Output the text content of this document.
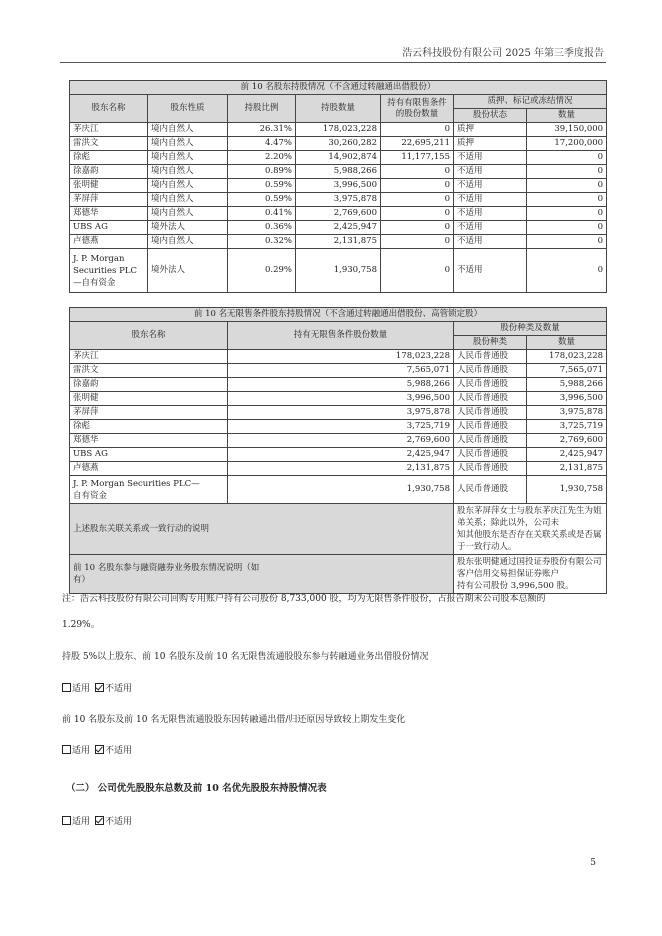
浩云科技股份有限公司 2025 年第三季度报告
前 10 名股东持股情况（不含通过转融通出借股份）						
股东名称	股东性质	持股比例	持股数量	持有有限售条件的股份数量	质押、标记或冻结情况	
					股份状态	数量
茅庆江	境内自然人	26.31%	178,023,228	0	质押	39,150,000
雷洪文	境内自然人	4.47%	30,260,282	22,695,211	质押	17,200,000
徐彪	境内自然人	2.20%	14,902,874	11,177,155	不适用	0
徐嘉韵	境内自然人	0.89%	5,988,266	0	不适用	0
张明健	境内自然人	0.59%	3,996,500	0	不适用	0
茅屏萍	境内自然人	0.59%	3,975,878	0	不适用	0
郑德华	境内自然人	0.41%	2,769,600	0	不适用	0
UBS AG	境外法人	0.36%	2,425,947	0	不适用	0
卢德燕	境内自然人	0.32%	2,131,875	0	不适用	0
J. P. Morgan
Securities PLC
—自有资金	境外法人	0.29%	1,930,758	0	不适用	0
前 10 名无限售条件股东持股情况（不含通过转融通出借股份、高管锁定股）			
股东名称	持有无限售条件股份数量	股份种类及数量	
		股份种类	数量
茅庆江	178,023,228	人民币普通股	178,023,228
雷洪文	7,565,071	人民币普通股	7,565,071
徐嘉韵	5,988,266	人民币普通股	5,988,266
张明健	3,996,500	人民币普通股	3,996,500
茅屏萍	3,975,878	人民币普通股	3,975,878
徐彪	3,725,719	人民币普通股	3,725,719
郑德华	2,769,600	人民币普通股	2,769,600
UBS AG	2,425,947	人民币普通股	2,425,947
卢德燕	2,131,875	人民币普通股	2,131,875
J. P. Morgan Securities PLC—
自有资金	1,930,758	人民币普通股	1,930,758
上述股东关联关系或一致行动的说明		股东茅屏萍女士与股东茅庆江先生为姐弟关系；除此以外，公司未
知其他股东是否存在关联关系或是否属于一致行动人。	
前 10 名股东参与融资融券业务股东情况说明（如
有）		股东张明健通过国投证券股份有限公司客户信用交易担保证券账户
持有公司股份 3,996,500 股。	
注：浩云科技股份有限公司回购专用账户持有公司股份 8,733,000 股，均为无限售条件股份，占报告期末公司股本总额的
1.29%。
持股 5%以上股东、前 10 名股东及前 10 名无限售流通股股东参与转融通业务出借股份情况
适用 不适用
前 10 名股东及前 10 名无限售流通股股东因转融通出借/归还原因导致较上期发生变化
适用 不适用
（二） 公司优先股股东总数及前 10 名优先股股东持股情况表
适用 不适用
5
